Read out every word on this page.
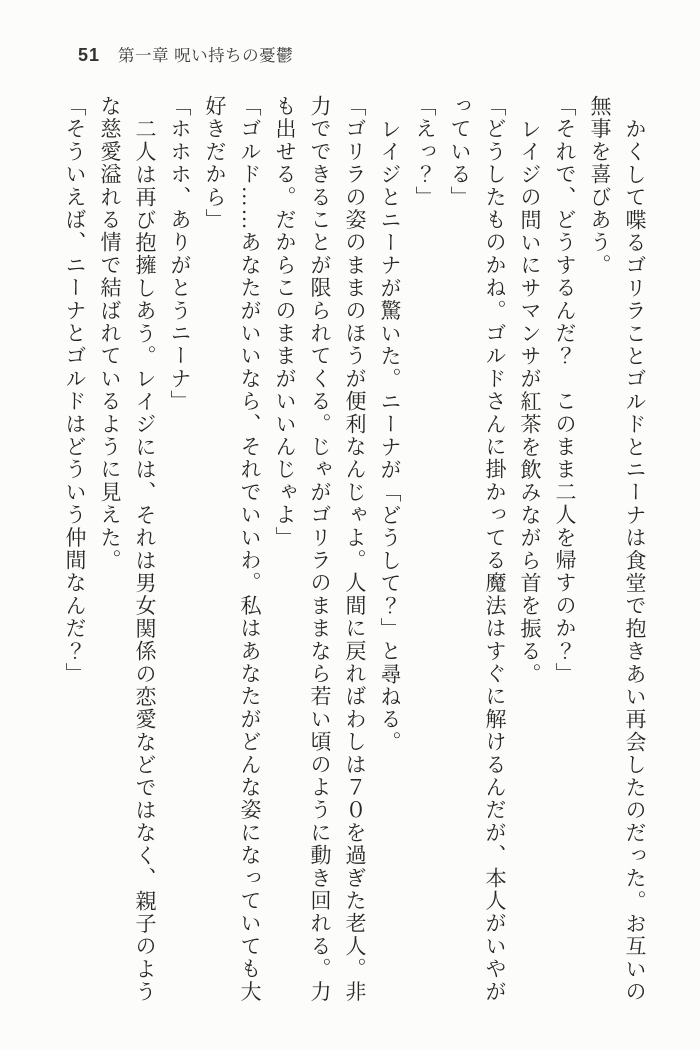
51 第一章 呪い持ちの憂鬱

かくして喋るゴリラことゴルドとニーナは食堂で抱きあい再会したのだった。お互いの無事を喜びあう。

「それで、どうするんだ？　このまま二人を帰すのか？」

レイジの問いにサマンサが紅茶を飲みながら首を振る。

「どうしたものかね。ゴルドさんに掛かってる魔法はすぐに解けるんだが、本人がいやがっている」

「えっ？」

レイジとニーナが驚いた。ニーナが「どうして？」と尋ねる。

「ゴリラの姿のままのほうが便利なんじゃよ。人間に戻ればわしは７０を過ぎた老人。非力でできることが限られてくる。じゃがゴリラのままなら若い頃のように動き回れる。力も出せる。だからこのままがいいんじゃよ」

「ゴルド……あなたがいいなら、それでいいわ。私はあなたがどんな姿になっていても大好きだから」

「ホホホ、ありがとうニーナ」

二人は再び抱擁しあう。レイジには、それは男女関係の恋愛などではなく、親子のような慈愛溢れる情で結ばれているように見えた。

「そういえば、ニーナとゴルドはどういう仲間なんだ？」
